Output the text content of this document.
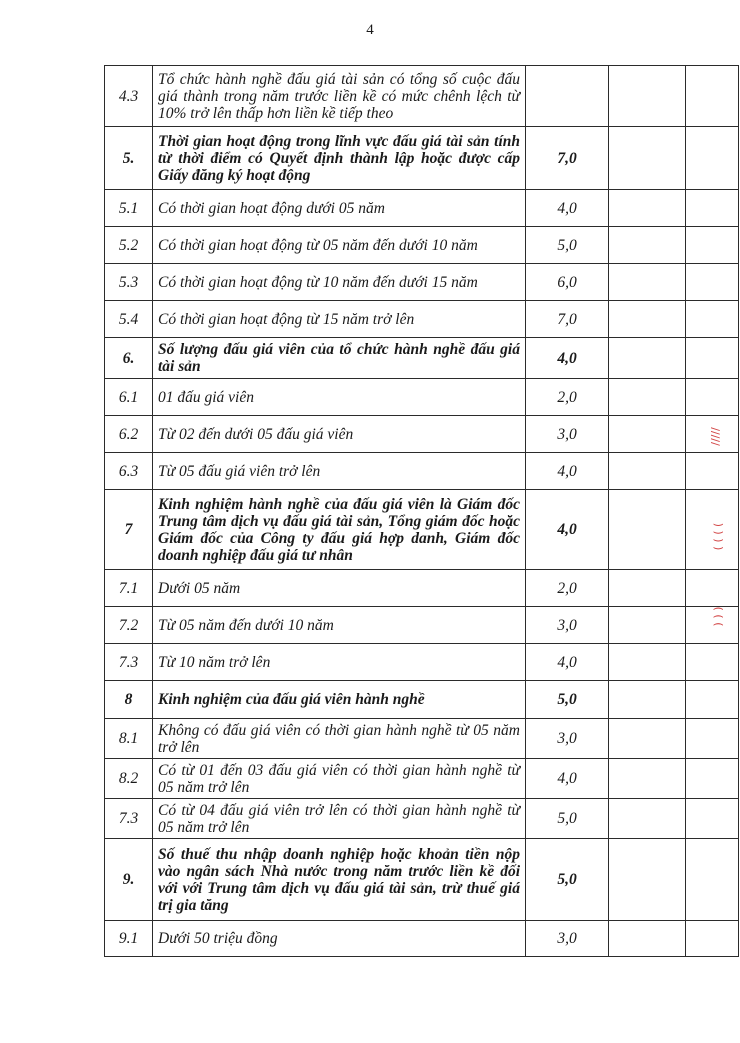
4
4.3	Tổ chức hành nghề đấu giá tài sản có tổng số cuộc đấu giá thành trong năm trước liền kề có mức chênh lệch từ 10% trở lên thấp hơn liền kề tiếp theo			
5.	Thời gian hoạt động trong lĩnh vực đấu giá tài sản tính từ thời điểm có Quyết định thành lập hoặc được cấp Giấy đăng ký hoạt động	7,0		
5.1	Có thời gian hoạt động dưới 05 năm	4,0		
5.2	Có thời gian hoạt động từ 05 năm đến dưới 10 năm	5,0		
5.3	Có thời gian hoạt động từ 10 năm đến dưới 15 năm	6,0		
5.4	Có thời gian hoạt động từ 15 năm trở lên	7,0		
6.	Số lượng đấu giá viên của tổ chức hành nghề đấu giá tài sản	4,0		
6.1	01 đấu giá viên	2,0		
6.2	Từ 02 đến dưới 05 đấu giá viên	3,0		
6.3	Từ 05 đấu giá viên trở lên	4,0		
7	Kinh nghiệm hành nghề của đấu giá viên là Giám đốc Trung tâm dịch vụ đấu giá tài sản, Tổng giám đốc hoặc Giám đốc của Công ty đấu giá hợp danh, Giám đốc doanh nghiệp đấu giá tư nhân	4,0		
7.1	Dưới 05 năm	2,0		
7.2	Từ 05 năm đến dưới 10 năm	3,0		
7.3	Từ 10 năm trở lên	4,0		
8	Kinh nghiệm của đấu giá viên hành nghề	5,0		
8.1	Không có đấu giá viên có thời gian hành nghề từ 05 năm trở lên	3,0		
8.2	Có từ 01 đến 03 đấu giá viên có thời gian hành nghề từ 05 năm trở lên	4,0		
7.3	Có từ 04 đấu giá viên trở lên có thời gian hành nghề từ 05 năm trở lên	5,0		
9.	Số thuế thu nhập doanh nghiệp hoặc khoản tiền nộp vào ngân sách Nhà nước trong năm trước liền kề đối với với Trung tâm dịch vụ đấu giá tài sản, trừ thuế giá trị gia tăng	5,0		
9.1	Dưới 50 triệu đồng	3,0		
/////
( ( ( (
) ) )
